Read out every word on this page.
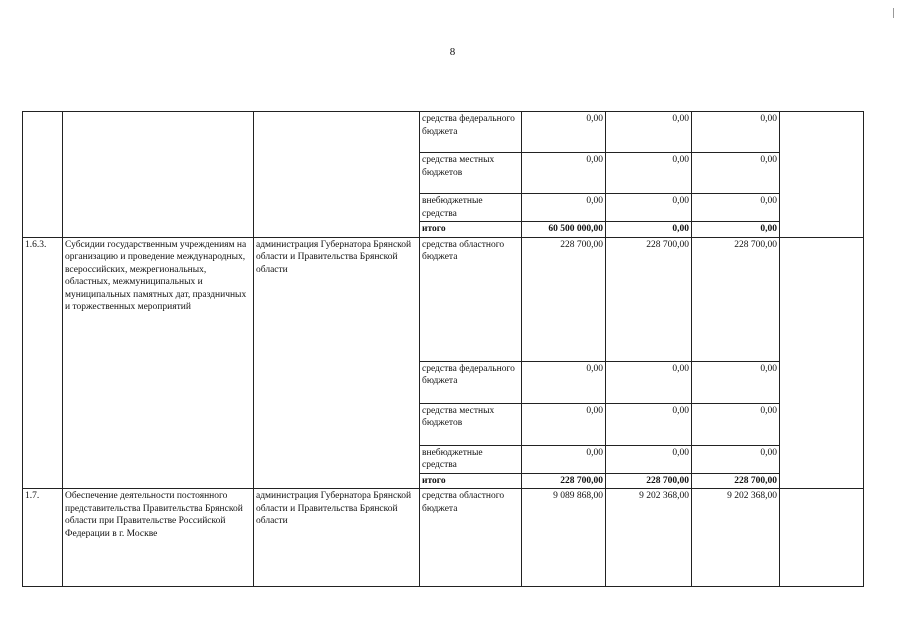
8
			средства федерального бюджета	0,00	0,00	0,00	
			средства местных бюджетов	0,00	0,00	0,00	
			внебюджетные средства	0,00	0,00	0,00	
			итого	60 500 000,00	0,00	0,00	
1.6.3.	Субсидии государственным учреждениям на организацию и проведение международных, всероссийских, межрегиональных, областных, межмуниципальных и муниципальных памятных дат, праздничных и торжественных мероприятий	администрация Губернатора Брянской области и Правительства Брянской области	средства областного бюджета	228 700,00	228 700,00	228 700,00	
			средства федерального бюджета	0,00	0,00	0,00	
			средства местных бюджетов	0,00	0,00	0,00	
			внебюджетные средства	0,00	0,00	0,00	
			итого	228 700,00	228 700,00	228 700,00	
1.7.	Обеспечение деятельности постоянного представительства Правительства Брянской области при Правительстве Российской Федерации в г. Москве	администрация Губернатора Брянской области и Правительства Брянской области	средства областного бюджета	9 089 868,00	9 202 368,00	9 202 368,00	
